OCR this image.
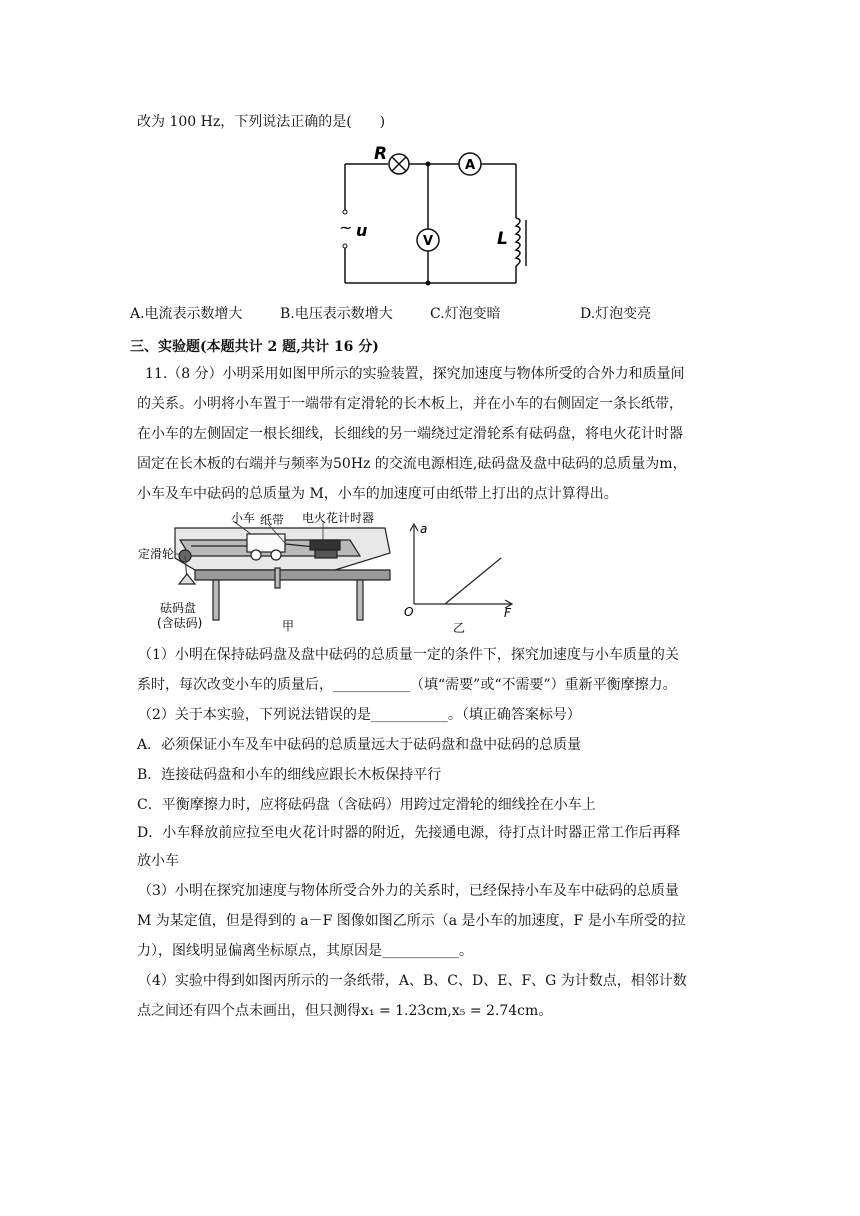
改为 100 Hz，下列说法正确的是(　　)
R
A
V
~ u	L
A.电流表示数增大	B.电压表示数增大	C.灯泡变暗	D.灯泡变亮
三、实验题(本题共计 2 题,共计 16 分)
11.（8 分）小明采用如图甲所示的实验装置，探究加速度与物体所受的合外力和质量间
的关系。小明将小车置于一端带有定滑轮的长木板上，并在小车的右侧固定一条长纸带，
在小车的左侧固定一根长细线，长细线的另一端绕过定滑轮系有砝码盘，将电火花计时器
固定在长木板的右端并与频率为50Hz 的交流电源相连,砝码盘及盘中砝码的总质量为m，
小车及车中砝码的总质量为 M，小车的加速度可由纸带上打出的点计算得出。
小车 纸带 电火花计时器
定滑轮
砝码盘
(含砝码)	甲
a
O	F
乙
（1）小明在保持砝码盘及盘中砝码的总质量一定的条件下，探究加速度与小车质量的关
系时，每次改变小车的质量后，___________（填“需要”或“不需要”）重新平衡摩擦力。
（2）关于本实验，下列说法错误的是___________。（填正确答案标号）
A．必须保证小车及车中砝码的总质量远大于砝码盘和盘中砝码的总质量
B．连接砝码盘和小车的细线应跟长木板保持平行
C．平衡摩擦力时，应将砝码盘（含砝码）用跨过定滑轮的细线拴在小车上
D．小车释放前应拉至电火花计时器的附近，先接通电源，待打点计时器正常工作后再释
放小车
（3）小明在探究加速度与物体所受合外力的关系时，已经保持小车及车中砝码的总质量
M 为某定值，但是得到的 a－F 图像如图乙所示（a 是小车的加速度，F 是小车所受的拉
力），图线明显偏离坐标原点，其原因是___________。
（4）实验中得到如图丙所示的一条纸带，A、B、C、D、E、F、G 为计数点，相邻计数
点之间还有四个点未画出，但只测得x₁ = 1.23cm,x₅ = 2.74cm。
